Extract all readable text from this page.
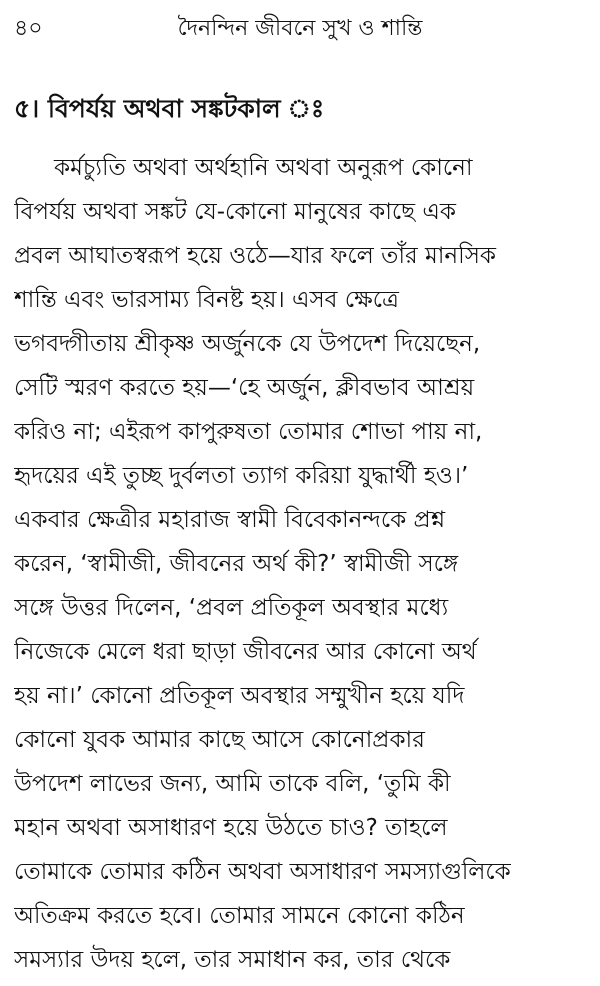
৪০	দৈনন্দিন জীবনে সুখ ও শান্তি
৫। বিপর্যয় অথবা সঙ্কটকাল ঃ
কর্মচ্যুতি অথবা অর্থহানি অথবা অনুরূপ কোনো
বিপর্যয় অথবা সঙ্কট যে-কোনো মানুষের কাছে এক
প্রবল আঘাতস্বরূপ হয়ে ওঠে—যার ফলে তাঁর মানসিক
শান্তি এবং ভারসাম্য বিনষ্ট হয়। এসব ক্ষেত্রে
ভগবদ্গীতায় শ্রীকৃষ্ণ অর্জুনকে যে উপদেশ দিয়েছেন,
সেটি স্মরণ করতে হয়—‘হে অর্জুন, ক্লীবভাব আশ্রয়
করিও না; এইরূপ কাপুরুষতা তোমার শোভা পায় না,
হৃদয়ের এই তুচ্ছ দুর্বলতা ত্যাগ করিয়া যুদ্ধার্থী হও।’
একবার ক্ষেত্রীর মহারাজ স্বামী বিবেকানন্দকে প্রশ্ন
করেন, ‘স্বামীজী, জীবনের অর্থ কী?’ স্বামীজী সঙ্গে
সঙ্গে উত্তর দিলেন, ‘প্রবল প্রতিকূল অবস্থার মধ্যে
নিজেকে মেলে ধরা ছাড়া জীবনের আর কোনো অর্থ
হয় না।’ কোনো প্রতিকূল অবস্থার সম্মুখীন হয়ে যদি
কোনো যুবক আমার কাছে আসে কোনোপ্রকার
উপদেশ লাভের জন্য, আমি তাকে বলি, ‘তুমি কী
মহান অথবা অসাধারণ হয়ে উঠতে চাও? তাহলে
তোমাকে তোমার কঠিন অথবা অসাধারণ সমস্যাগুলিকে
অতিক্রম করতে হবে। তোমার সামনে কোনো কঠিন
সমস্যার উদয় হলে, তার সমাধান কর, তার থেকে
